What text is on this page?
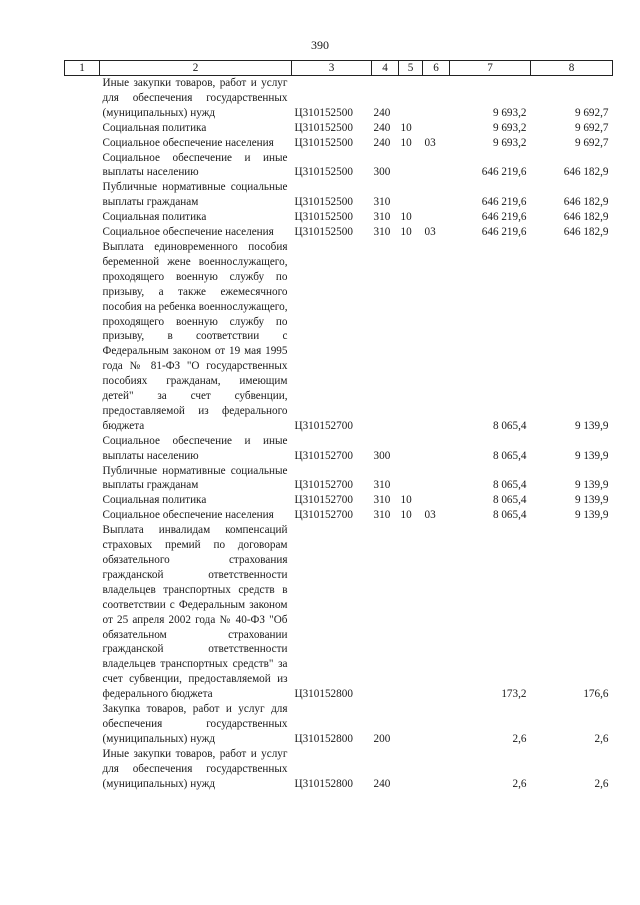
390
1	2	3	4	5	6	7	8
	Иные закупки товаров, работ и услуг для обеспечения государственных (муниципальных) нужд	Ц310152500	240			9 693,2	9 692,7
	Социальная политика	Ц310152500	240	10		9 693,2	9 692,7
	Социальное обеспечение населения	Ц310152500	240	10	03	9 693,2	9 692,7
	Социальное обеспечение и иные выплаты населению	Ц310152500	300			646 219,6	646 182,9
	Публичные нормативные социальные выплаты гражданам	Ц310152500	310			646 219,6	646 182,9
	Социальная политика	Ц310152500	310	10		646 219,6	646 182,9
	Социальное обеспечение населения	Ц310152500	310	10	03	646 219,6	646 182,9
	Выплата единовременного пособия беременной жене военнослужащего, проходящего военную службу по призыву, а также ежемесячного пособия на ребенка военнослужащего, проходящего военную службу по призыву, в соответствии с Федеральным законом от 19 мая 1995 года № 81-ФЗ "О государственных пособиях гражданам, имеющим детей" за счет субвенции, предоставляемой из федерального бюджета	Ц310152700				8 065,4	9 139,9
	Социальное обеспечение и иные выплаты населению	Ц310152700	300			8 065,4	9 139,9
	Публичные нормативные социальные выплаты гражданам	Ц310152700	310			8 065,4	9 139,9
	Социальная политика	Ц310152700	310	10		8 065,4	9 139,9
	Социальное обеспечение населения	Ц310152700	310	10	03	8 065,4	9 139,9
	Выплата инвалидам компенсаций страховых премий по договорам обязательного страхования гражданской ответственности владельцев транспортных средств в соответствии с Федеральным законом от 25 апреля 2002 года № 40-ФЗ "Об обязательном страховании гражданской ответственности владельцев транспортных средств" за счет субвенции, предоставляемой из федерального бюджета	Ц310152800				173,2	176,6
	Закупка товаров, работ и услуг для обеспечения государственных (муниципальных) нужд	Ц310152800	200			2,6	2,6
	Иные закупки товаров, работ и услуг для обеспечения государственных (муниципальных) нужд	Ц310152800	240			2,6	2,6
